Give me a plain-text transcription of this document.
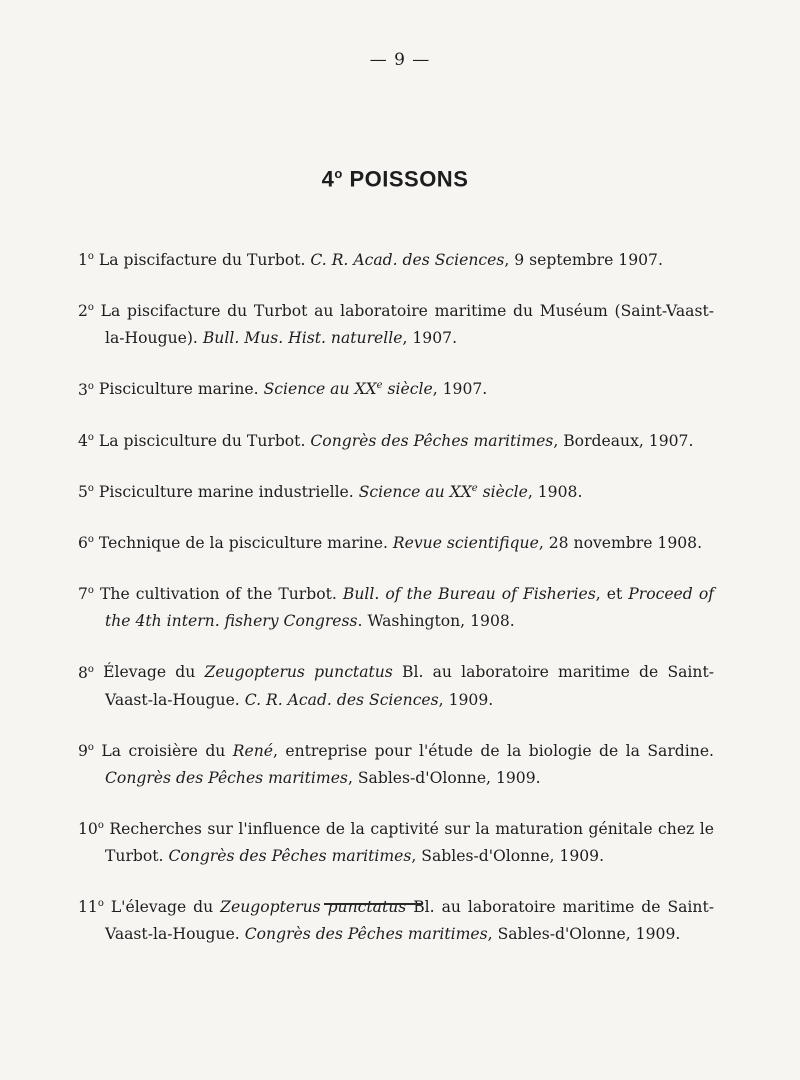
— 9 —
4$^o$ POISSONS

1$^o$ La piscifacture du Turbot. C. R. Acad. des Sciences, 9 septembre 1907.

2$^o$ La piscifacture du Turbot au laboratoire maritime du Muséum (Saint-Vaast-la-Hougue). Bull. Mus. Hist. naturelle, 1907.

3$^o$ Pisciculture marine. Science au XXe siècle, 1907.

4$^o$ La pisciculture du Turbot. Congrès des Pêches maritimes, Bordeaux, 1907.

5$^o$ Pisciculture marine industrielle. Science au XXe siècle, 1908.

6$^o$ Technique de la pisciculture marine. Revue scientifique, 28 novembre 1908.

7$^o$ The cultivation of the Turbot. Bull. of the Bureau of Fisheries, et Proceed of the 4th intern. fishery Congress. Washington, 1908.

8$^o$ Élevage du Zeugopterus punctatus Bl. au laboratoire maritime de Saint-Vaast-la-Hougue. C. R. Acad. des Sciences, 1909.

9$^o$ La croisière du René, entreprise pour l'étude de la biologie de la Sardine. Congrès des Pêches maritimes, Sables-d'Olonne, 1909.

10$^o$ Recherches sur l'influence de la captivité sur la maturation génitale chez le Turbot. Congrès des Pêches maritimes, Sables-d'Olonne, 1909.

11$^o$ L'élevage du Zeugopterus punctatus Bl. au laboratoire maritime de Saint-Vaast-la-Hougue. Congrès des Pêches maritimes, Sables-d'Olonne, 1909.
